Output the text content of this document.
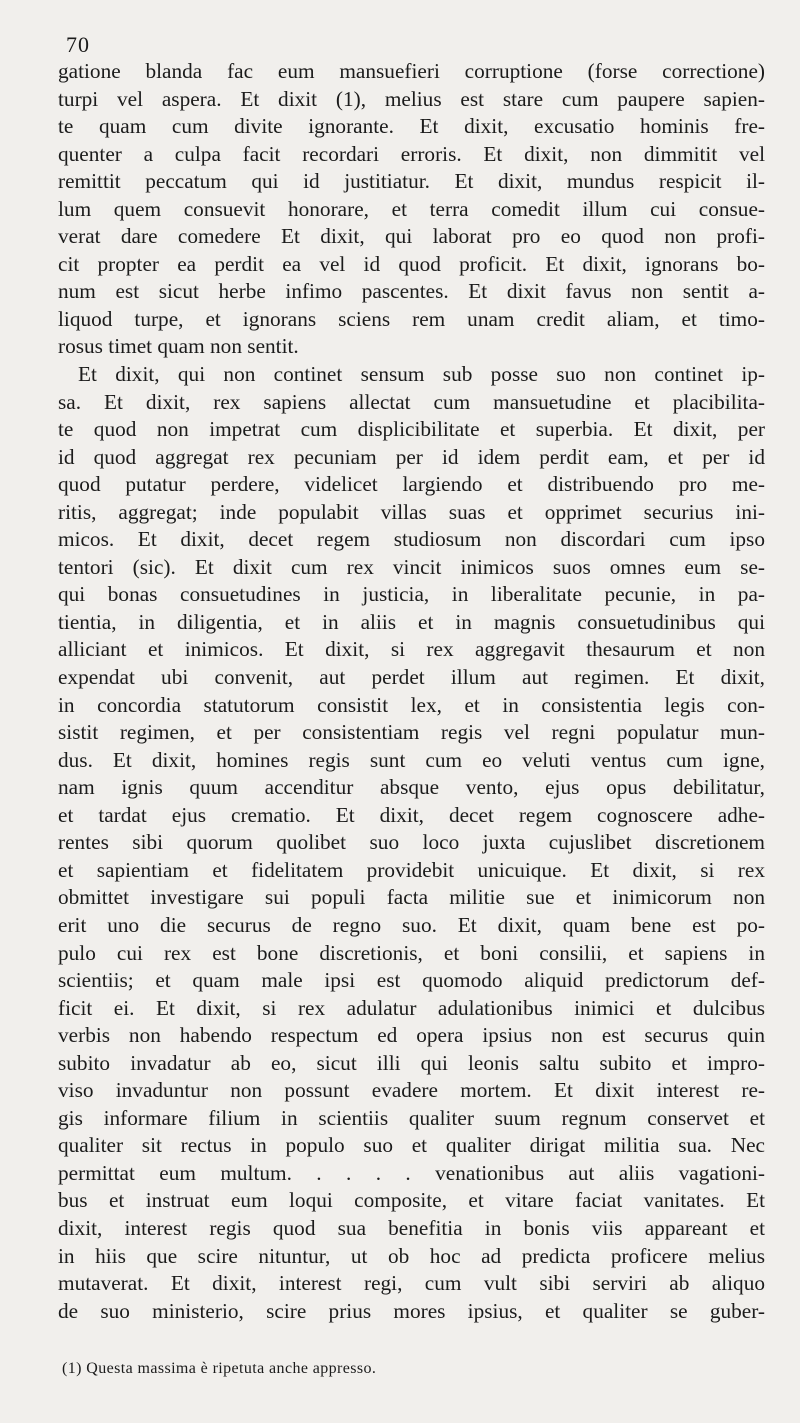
70
gatione blanda fac eum mansuefieri corruptione (forse correctione)
turpi vel aspera. Et dixit (1), melius est stare cum paupere sapien-
te quam cum divite ignorante. Et dixit, excusatio hominis fre-
quenter a culpa facit recordari erroris. Et dixit, non dimmitit vel
remittit peccatum qui id justitiatur. Et dixit, mundus respicit il-
lum quem consuevit honorare, et terra comedit illum cui consue-
verat dare comedere Et dixit, qui laborat pro eo quod non profi-
cit propter ea perdit ea vel id quod proficit. Et dixit, ignorans bo-
num est sicut herbe infimo pascentes. Et dixit favus non sentit a-
liquod turpe, et ignorans sciens rem unam credit aliam, et timo-
rosus timet quam non sentit.
Et dixit, qui non continet sensum sub posse suo non continet ip-
sa. Et dixit, rex sapiens allectat cum mansuetudine et placibilita-
te quod non impetrat cum displicibilitate et superbia. Et dixit, per
id quod aggregat rex pecuniam per id idem perdit eam, et per id
quod putatur perdere, videlicet largiendo et distribuendo pro me-
ritis, aggregat; inde populabit villas suas et opprimet securius ini-
micos. Et dixit, decet regem studiosum non discordari cum ipso
tentori (sic). Et dixit cum rex vincit inimicos suos omnes eum se-
qui bonas consuetudines in justicia, in liberalitate pecunie, in pa-
tientia, in diligentia, et in aliis et in magnis consuetudinibus qui
alliciant et inimicos. Et dixit, si rex aggregavit thesaurum et non
expendat ubi convenit, aut perdet illum aut regimen. Et dixit,
in concordia statutorum consistit lex, et in consistentia legis con-
sistit regimen, et per consistentiam regis vel regni populatur mun-
dus. Et dixit, homines regis sunt cum eo veluti ventus cum igne,
nam ignis quum accenditur absque vento, ejus opus debilitatur,
et tardat ejus crematio. Et dixit, decet regem cognoscere adhe-
rentes sibi quorum quolibet suo loco juxta cujuslibet discretionem
et sapientiam et fidelitatem providebit unicuique. Et dixit, si rex
obmittet investigare sui populi facta militie sue et inimicorum non
erit uno die securus de regno suo. Et dixit, quam bene est po-
pulo cui rex est bone discretionis, et boni consilii, et sapiens in
scientiis; et quam male ipsi est quomodo aliquid predictorum def-
ficit ei. Et dixit, si rex adulatur adulationibus inimici et dulcibus
verbis non habendo respectum ed opera ipsius non est securus quin
subito invadatur ab eo, sicut illi qui leonis saltu subito et impro-
viso invaduntur non possunt evadere mortem. Et dixit interest re-
gis informare filium in scientiis qualiter suum regnum conservet et
qualiter sit rectus in populo suo et qualiter dirigat militia sua. Nec
permittat eum multum. . . . . venationibus aut aliis vagationi-
bus et instruat eum loqui composite, et vitare faciat vanitates. Et
dixit, interest regis quod sua benefitia in bonis viis appareant et
in hiis que scire nituntur, ut ob hoc ad predicta proficere melius
mutaverat. Et dixit, interest regi, cum vult sibi serviri ab aliquo
de suo ministerio, scire prius mores ipsius, et qualiter se guber-
(1) Questa massima è ripetuta anche appresso.
